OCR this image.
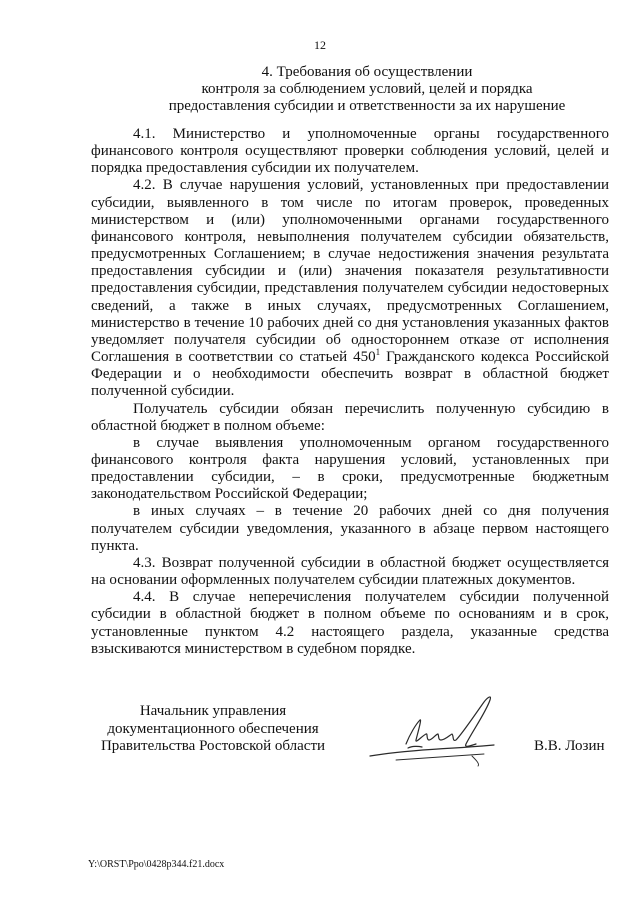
12
4. Требования об осуществлении
контроля за соблюдением условий, целей и порядка
предоставления субсидии и ответственности за их нарушение

4.1. Министерство и уполномоченные органы государственного финансового контроля осуществляют проверки соблюдения условий, целей и порядка предоставления субсидии их получателем.

4.2. В случае нарушения условий, установленных при предоставлении субсидии, выявленного в том числе по итогам проверок, проведенных министерством и (или) уполномоченными органами государственного финансового контроля, невыполнения получателем субсидии обязательств, предусмотренных Соглашением; в случае недостижения значения результата предоставления субсидии и (или) значения показателя результативности предоставления субсидии, представления получателем субсидии недостоверных сведений, а также в иных случаях, предусмотренных Соглашением, министерство в течение 10 рабочих дней со дня установления указанных фактов уведомляет получателя субсидии об одностороннем отказе от исполнения Соглашения в соответствии со статьей $450^1$ Гражданского кодекса Российской Федерации и о необходимости обеспечить возврат в областной бюджет полученной субсидии.

Получатель субсидии обязан перечислить полученную субсидию в областной бюджет в полном объеме:

в случае выявления уполномоченным органом государственного финансового контроля факта нарушения условий, установленных при предоставлении субсидии, – в сроки, предусмотренные бюджетным законодательством Российской Федерации;

в иных случаях – в течение 20 рабочих дней со дня получения получателем субсидии уведомления, указанного в абзаце первом настоящего пункта.

4.3. Возврат полученной субсидии в областной бюджет осуществляется на основании оформленных получателем субсидии платежных документов.

4.4. В случае неперечисления получателем субсидии полученной субсидии в областной бюджет в полном объеме по основаниям и в срок, установленные пунктом 4.2 настоящего раздела, указанные средства взыскиваются министерством в судебном порядке.

Начальник управления
документационного обеспечения
Правительства Ростовской области	В.В. Лозин
Y:\ORST\Ppo\0428p344.f21.docx
